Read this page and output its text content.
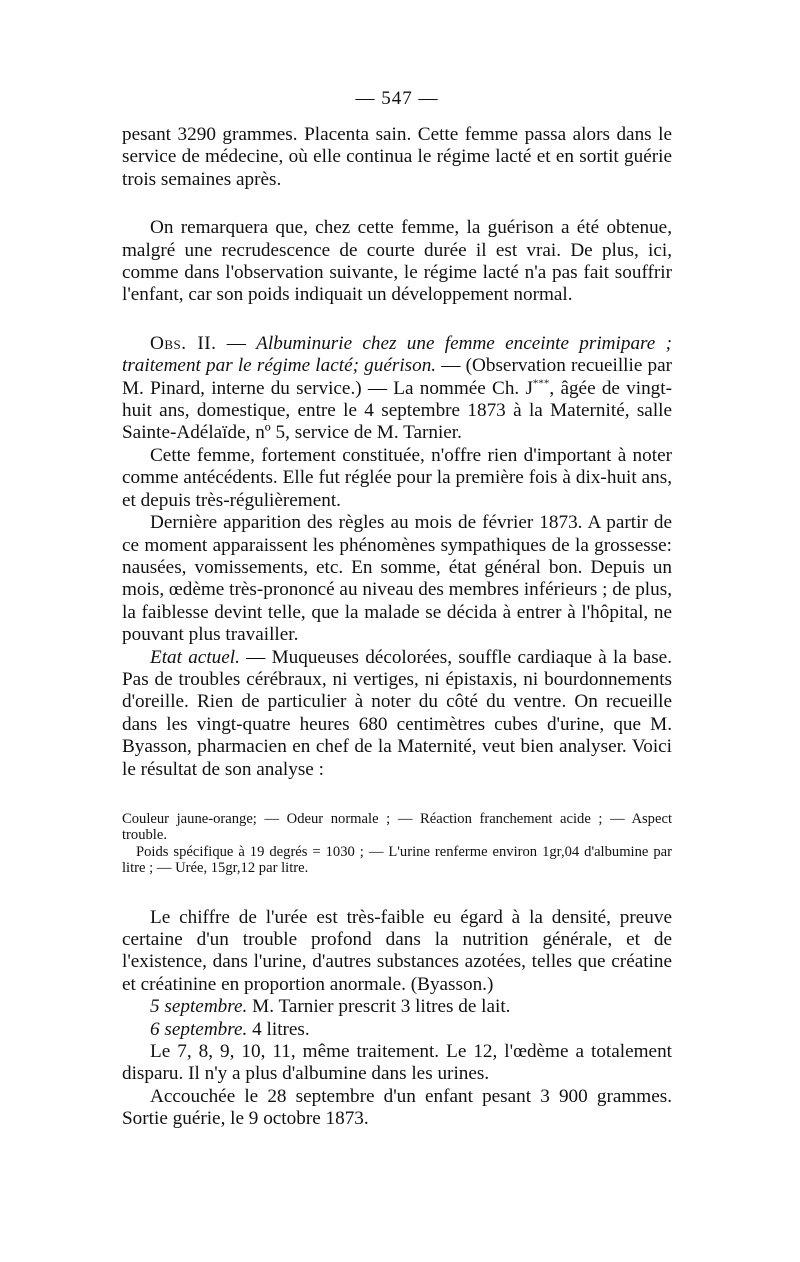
— 547 —

pesant 3290 grammes. Placenta sain. Cette femme passa alors dans le service de médecine, où elle continua le régime lacté et en sortit guérie trois semaines après.

On remarquera que, chez cette femme, la guérison a été obtenue, malgré une recrudescence de courte durée il est vrai. De plus, ici, comme dans l'observation suivante, le régime lacté n'a pas fait souffrir l'enfant, car son poids indiquait un développement normal.

Obs. II. — Albuminurie chez une femme enceinte primipare ; traitement par le régime lacté; guérison. — (Observation recueillie par M. Pinard, interne du service.) — La nommée Ch. J***, âgée de vingt-huit ans, domestique, entre le 4 septembre 1873 à la Maternité, salle Sainte-Adélaïde, nº 5, service de M. Tarnier.

Cette femme, fortement constituée, n'offre rien d'important à noter comme antécédents. Elle fut réglée pour la première fois à dix-huit ans, et depuis très-régulièrement.

Dernière apparition des règles au mois de février 1873. A partir de ce moment apparaissent les phénomènes sympathiques de la grossesse: nausées, vomissements, etc. En somme, état général bon. Depuis un mois, œdème très-prononcé au niveau des membres inférieurs ; de plus, la faiblesse devint telle, que la malade se décida à entrer à l'hôpital, ne pouvant plus travailler.

Etat actuel. — Muqueuses décolorées, souffle cardiaque à la base. Pas de troubles cérébraux, ni vertiges, ni épistaxis, ni bourdonnements d'oreille. Rien de particulier à noter du côté du ventre. On recueille dans les vingt-quatre heures 680 centimètres cubes d'urine, que M. Byasson, pharmacien en chef de la Maternité, veut bien analyser. Voici le résultat de son analyse :

Couleur jaune-orange; — Odeur normale ; — Réaction franchement acide ; — Aspect trouble.

Poids spécifique à 19 degrés = 1030 ; — L'urine renferme environ 1gr,04 d'albumine par litre ; — Urée, 15gr,12 par litre.

Le chiffre de l'urée est très-faible eu égard à la densité, preuve certaine d'un trouble profond dans la nutrition générale, et de l'existence, dans l'urine, d'autres substances azotées, telles que créatine et créatinine en proportion anormale. (Byasson.)

5 septembre. M. Tarnier prescrit 3 litres de lait.

6 septembre. 4 litres.

Le 7, 8, 9, 10, 11, même traitement. Le 12, l'œdème a totalement disparu. Il n'y a plus d'albumine dans les urines.

Accouchée le 28 septembre d'un enfant pesant 3 900 grammes. Sortie guérie, le 9 octobre 1873.
